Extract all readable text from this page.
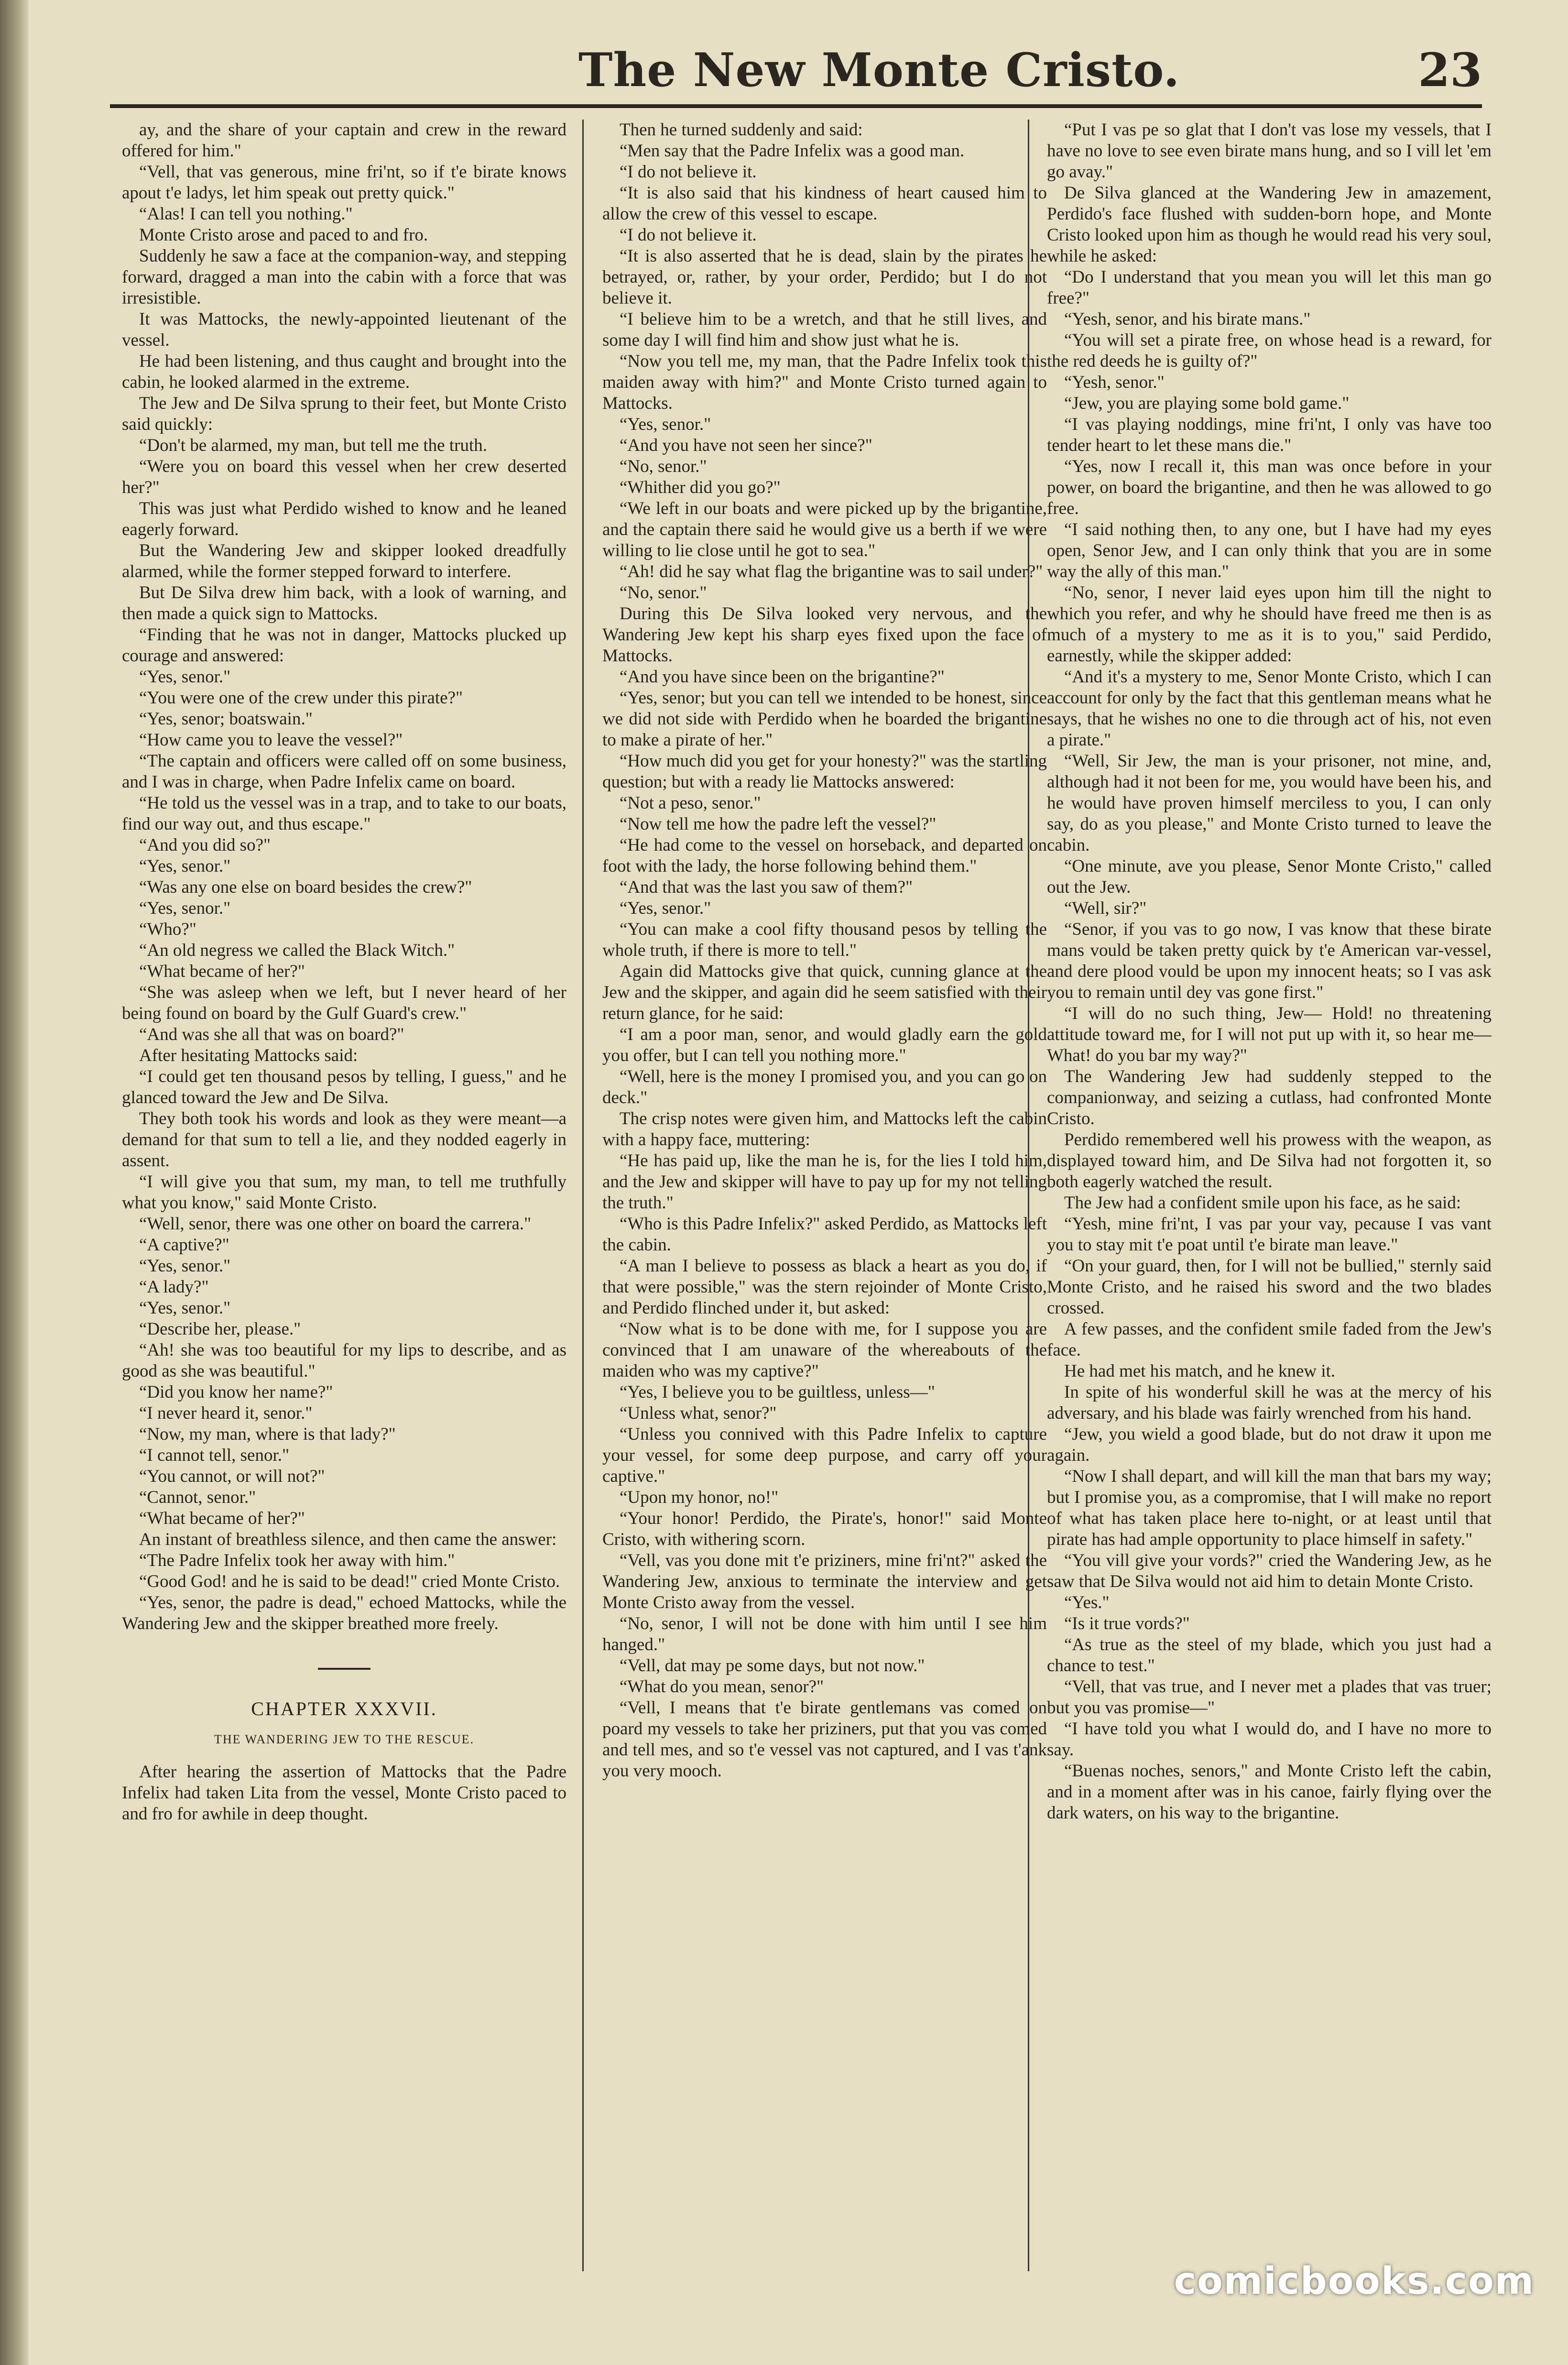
The New Monte Cristo.	23

ay, and the share of your captain and crew in the reward offered for him."

“Vell, that vas generous, mine fri'nt, so if t'e birate knows apout t'e ladys, let him speak out pretty quick."

“Alas! I can tell you nothing."

Monte Cristo arose and paced to and fro.

Suddenly he saw a face at the companion-way, and stepping forward, dragged a man into the cabin with a force that was irresistible.

It was Mattocks, the newly-appointed lieutenant of the vessel.

He had been listening, and thus caught and brought into the cabin, he looked alarmed in the extreme.

The Jew and De Silva sprung to their feet, but Monte Cristo said quickly:

“Don't be alarmed, my man, but tell me the truth.

“Were you on board this vessel when her crew deserted her?"

This was just what Perdido wished to know and he leaned eagerly forward.

But the Wandering Jew and skipper looked dreadfully alarmed, while the former stepped forward to interfere.

But De Silva drew him back, with a look of warning, and then made a quick sign to Mattocks.

“Finding that he was not in danger, Mattocks plucked up courage and answered:

“Yes, senor."

“You were one of the crew under this pirate?"

“Yes, senor; boatswain."

“How came you to leave the vessel?"

“The captain and officers were called off on some business, and I was in charge, when Padre Infelix came on board.

“He told us the vessel was in a trap, and to take to our boats, find our way out, and thus escape."

“And you did so?"

“Yes, senor."

“Was any one else on board besides the crew?"

“Yes, senor."

“Who?"

“An old negress we called the Black Witch."

“What became of her?"

“She was asleep when we left, but I never heard of her being found on board by the Gulf Guard's crew."

“And was she all that was on board?"

After hesitating Mattocks said:

“I could get ten thousand pesos by telling, I guess," and he glanced toward the Jew and De Silva.

They both took his words and look as they were meant—a demand for that sum to tell a lie, and they nodded eagerly in assent.

“I will give you that sum, my man, to tell me truthfully what you know," said Monte Cristo.

“Well, senor, there was one other on board the carrera."

“A captive?"

“Yes, senor."

“A lady?"

“Yes, senor."

“Describe her, please."

“Ah! she was too beautiful for my lips to describe, and as good as she was beautiful."

“Did you know her name?"

“I never heard it, senor."

“Now, my man, where is that lady?"

“I cannot tell, senor."

“You cannot, or will not?"

“Cannot, senor."

“What became of her?"

An instant of breathless silence, and then came the answer:

“The Padre Infelix took her away with him."

“Good God! and he is said to be dead!" cried Monte Cristo.

“Yes, senor, the padre is dead," echoed Mattocks, while the Wandering Jew and the skipper breathed more freely.

CHAPTER XXXVII.
THE WANDERING JEW TO THE RESCUE.

After hearing the assertion of Mattocks that the Padre Infelix had taken Lita from the vessel, Monte Cristo paced to and fro for awhile in deep thought.

Then he turned suddenly and said:

“Men say that the Padre Infelix was a good man.

“I do not believe it.

“It is also said that his kindness of heart caused him to allow the crew of this vessel to escape.

“I do not believe it.

“It is also asserted that he is dead, slain by the pirates he betrayed, or, rather, by your order, Perdido; but I do not believe it.

“I believe him to be a wretch, and that he still lives, and some day I will find him and show just what he is.

“Now you tell me, my man, that the Padre Infelix took this maiden away with him?" and Monte Cristo turned again to Mattocks.

“Yes, senor."

“And you have not seen her since?"

“No, senor."

“Whither did you go?"

“We left in our boats and were picked up by the brigantine, and the captain there said he would give us a berth if we were willing to lie close until he got to sea."

“Ah! did he say what flag the brigantine was to sail under?"

“No, senor."

During this De Silva looked very nervous, and the Wandering Jew kept his sharp eyes fixed upon the face of Mattocks.

“And you have since been on the brigantine?"

“Yes, senor; but you can tell we intended to be honest, since we did not side with Perdido when he boarded the brigantine to make a pirate of her."

“How much did you get for your honesty?" was the startling question; but with a ready lie Mattocks answered:

“Not a peso, senor."

“Now tell me how the padre left the vessel?"

“He had come to the vessel on horseback, and departed on foot with the lady, the horse following behind them."

“And that was the last you saw of them?"

“Yes, senor."

“You can make a cool fifty thousand pesos by telling the whole truth, if there is more to tell."

Again did Mattocks give that quick, cunning glance at the Jew and the skipper, and again did he seem satisfied with their return glance, for he said:

“I am a poor man, senor, and would gladly earn the gold you offer, but I can tell you nothing more."

“Well, here is the money I promised you, and you can go on deck."

The crisp notes were given him, and Mattocks left the cabin with a happy face, muttering:

“He has paid up, like the man he is, for the lies I told him, and the Jew and skipper will have to pay up for my not telling the truth."

“Who is this Padre Infelix?" asked Perdido, as Mattocks left the cabin.

“A man I believe to possess as black a heart as you do, if that were possible," was the stern rejoinder of Monte Cristo, and Perdido flinched under it, but asked:

“Now what is to be done with me, for I suppose you are convinced that I am unaware of the whereabouts of the maiden who was my captive?"

“Yes, I believe you to be guiltless, unless—"

“Unless what, senor?"

“Unless you connived with this Padre Infelix to capture your vessel, for some deep purpose, and carry off your captive."

“Upon my honor, no!"

“Your honor! Perdido, the Pirate's, honor!" said Monte Cristo, with withering scorn.

“Vell, vas you done mit t'e priziners, mine fri'nt?" asked the Wandering Jew, anxious to terminate the interview and get Monte Cristo away from the vessel.

“No, senor, I will not be done with him until I see him hanged."

“Vell, dat may pe some days, but not now."

“What do you mean, senor?"

“Vell, I means that t'e birate gentlemans vas comed on poard my vessels to take her priziners, put that you vas comed and tell mes, and so t'e vessel vas not captured, and I vas t'ank you very mooch.

“Put I vas pe so glat that I don't vas lose my vessels, that I have no love to see even birate mans hung, and so I vill let 'em go avay."

De Silva glanced at the Wandering Jew in amazement, Perdido's face flushed with sudden-born hope, and Monte Cristo looked upon him as though he would read his very soul, while he asked:

“Do I understand that you mean you will let this man go free?"

“Yesh, senor, and his birate mans."

“You will set a pirate free, on whose head is a reward, for the red deeds he is guilty of?"

“Yesh, senor."

“Jew, you are playing some bold game."

“I vas playing noddings, mine fri'nt, I only vas have too tender heart to let these mans die."

“Yes, now I recall it, this man was once before in your power, on board the brigantine, and then he was allowed to go free.

“I said nothing then, to any one, but I have had my eyes open, Senor Jew, and I can only think that you are in some way the ally of this man."

“No, senor, I never laid eyes upon him till the night to which you refer, and why he should have freed me then is as much of a mystery to me as it is to you," said Perdido, earnestly, while the skipper added:

“And it's a mystery to me, Senor Monte Cristo, which I can account for only by the fact that this gentleman means what he says, that he wishes no one to die through act of his, not even a pirate."

“Well, Sir Jew, the man is your prisoner, not mine, and, although had it not been for me, you would have been his, and he would have proven himself merciless to you, I can only say, do as you please," and Monte Cristo turned to leave the cabin.

“One minute, ave you please, Senor Monte Cristo," called out the Jew.

“Well, sir?"

“Senor, if you vas to go now, I vas know that these birate mans vould be taken pretty quick by t'e American var-vessel, and dere plood vould be upon my innocent heats; so I vas ask you to remain until dey vas gone first."

“I will do no such thing, Jew— Hold! no threatening attitude toward me, for I will not put up with it, so hear me— What! do you bar my way?"

The Wandering Jew had suddenly stepped to the companionway, and seizing a cutlass, had confronted Monte Cristo.

Perdido remembered well his prowess with the weapon, as displayed toward him, and De Silva had not forgotten it, so both eagerly watched the result.

The Jew had a confident smile upon his face, as he said:

“Yesh, mine fri'nt, I vas par your vay, pecause I vas vant you to stay mit t'e poat until t'e birate man leave."

“On your guard, then, for I will not be bullied," sternly said Monte Cristo, and he raised his sword and the two blades crossed.

A few passes, and the confident smile faded from the Jew's face.

He had met his match, and he knew it.

In spite of his wonderful skill he was at the mercy of his adversary, and his blade was fairly wrenched from his hand.

“Jew, you wield a good blade, but do not draw it upon me again.

“Now I shall depart, and will kill the man that bars my way; but I promise you, as a compromise, that I will make no report of what has taken place here to-night, or at least until that pirate has had ample opportunity to place himself in safety."

“You vill give your vords?" cried the Wandering Jew, as he saw that De Silva would not aid him to detain Monte Cristo.

“Yes."

“Is it true vords?"

“As true as the steel of my blade, which you just had a chance to test."

“Vell, that vas true, and I never met a plades that vas truer; but you vas promise—"

“I have told you what I would do, and I have no more to say.

“Buenas noches, senors," and Monte Cristo left the cabin, and in a moment after was in his canoe, fairly flying over the dark waters, on his way to the brigantine.

comicbooks.com
